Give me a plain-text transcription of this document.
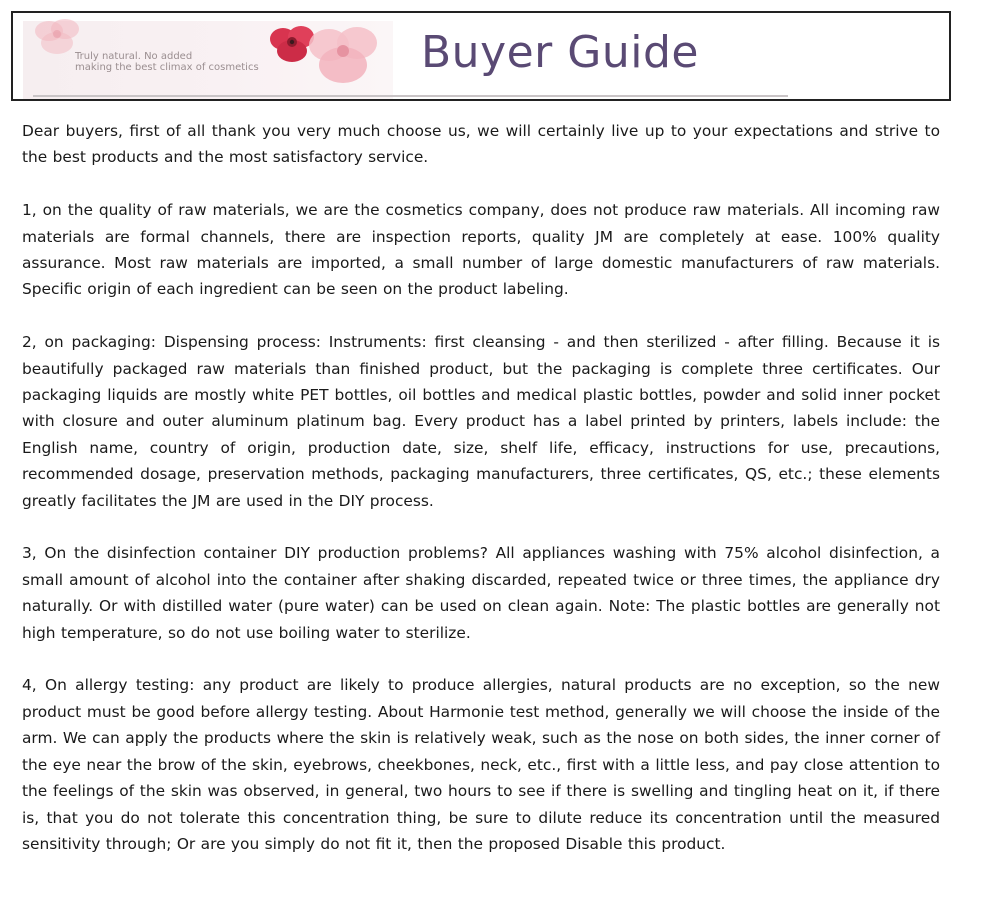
Truly natural. No added
making the best climax of cosmetics	Buyer Guide

Dear buyers, first of all thank you very much choose us, we will certainly live up to your expectations and strive to the best products and the most satisfactory service.

1, on the quality of raw materials, we are the cosmetics company, does not produce raw materials. All incoming raw materials are formal channels, there are inspection reports, quality JM are completely at ease. 100% quality assurance. Most raw materials are imported, a small number of large domestic manufacturers of raw materials. Specific origin of each ingredient can be seen on the product labeling.

2, on packaging: Dispensing process: Instruments: first cleansing - and then sterilized - after filling. Because it is beautifully packaged raw materials than finished product, but the packaging is complete three certificates. Our packaging liquids are mostly white PET bottles, oil bottles and medical plastic bottles, powder and solid inner pocket with closure and outer aluminum platinum bag. Every product has a label printed by printers, labels include: the English name, country of origin, production date, size, shelf life, efficacy, instructions for use, precautions, recommended dosage, preservation methods, packaging manufacturers, three certificates, QS, etc.; these elements greatly facilitates the JM are used in the DIY process.

3, On the disinfection container DIY production problems? All appliances washing with 75% alcohol disinfection, a small amount of alcohol into the container after shaking discarded, repeated twice or three times, the appliance dry naturally. Or with distilled water (pure water) can be used on clean again. Note: The plastic bottles are generally not high temperature, so do not use boiling water to sterilize.

4, On allergy testing: any product are likely to produce allergies, natural products are no exception, so the new product must be good before allergy testing. About Harmonie test method, generally we will choose the inside of the arm. We can apply the products where the skin is relatively weak, such as the nose on both sides, the inner corner of the eye near the brow of the skin, eyebrows, cheekbones, neck, etc., first with a little less, and pay close attention to the feelings of the skin was observed, in general, two hours to see if there is swelling and tingling heat on it, if there is, that you do not tolerate this concentration thing, be sure to dilute reduce its concentration until the measured sensitivity through; Or are you simply do not fit it, then the proposed Disable this product.
